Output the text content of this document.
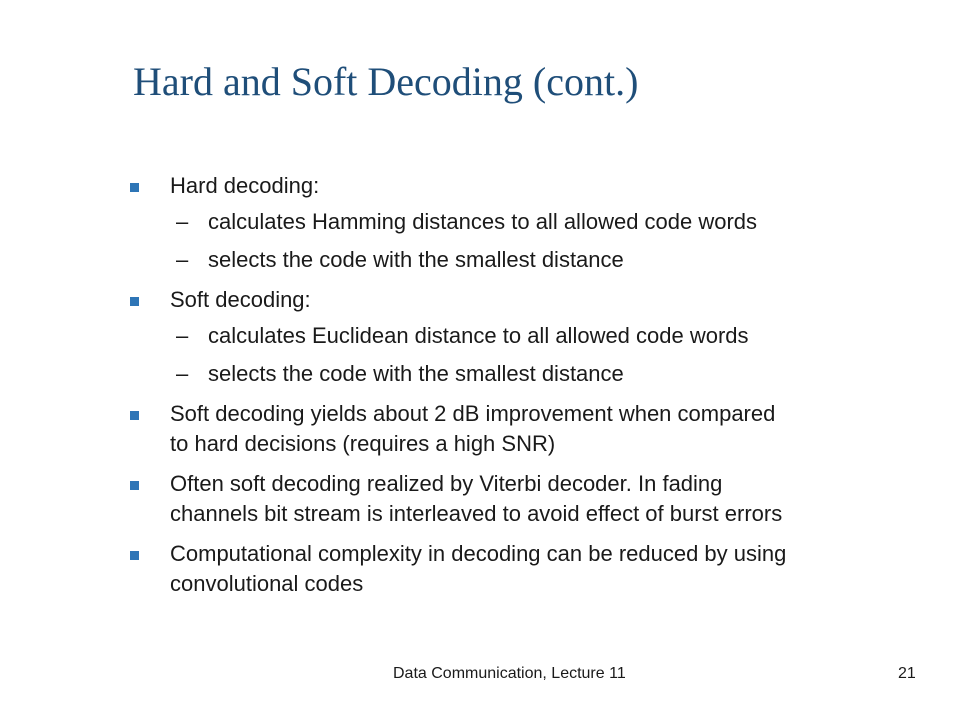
Hard and Soft Decoding (cont.)
Hard decoding:
– calculates Hamming distances to all allowed code words
– selects the code with the smallest distance
Soft decoding:
– calculates Euclidean distance to all allowed code words
– selects the code with the smallest distance
Soft decoding yields about 2 dB improvement when compared
to hard decisions (requires a high SNR)
Often soft decoding realized by Viterbi decoder. In fading
channels bit stream is interleaved to avoid effect of burst errors
Computational complexity in decoding can be reduced by using
convolutional codes
Data Communication, Lecture 11	21
